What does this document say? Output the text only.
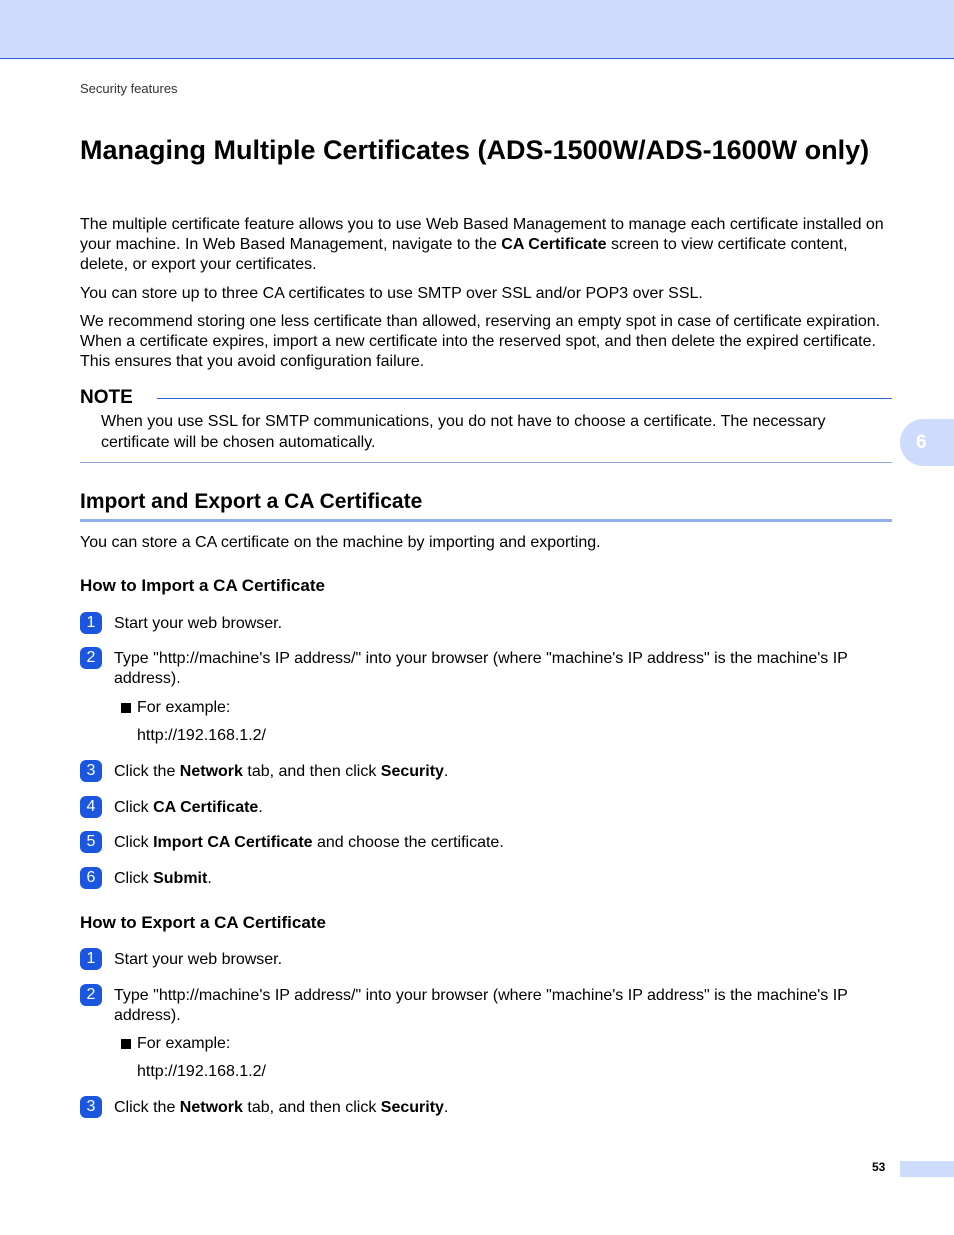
Security features
6
Managing Multiple Certificates (ADS-1500W/ADS-1600W only)

The multiple certificate feature allows you to use Web Based Management to manage each certificate installed on your machine. In Web Based Management, navigate to the CA Certificate screen to view certificate content, delete, or export your certificates.

You can store up to three CA certificates to use SMTP over SSL and/or POP3 over SSL.

We recommend storing one less certificate than allowed, reserving an empty spot in case of certificate expiration. When a certificate expires, import a new certificate into the reserved spot, and then delete the expired certificate. This ensures that you avoid configuration failure.

NOTE
When you use SSL for SMTP communications, you do not have to choose a certificate. The necessary certificate will be chosen automatically.
Import and Export a CA Certificate

You can store a CA certificate on the machine by importing and exporting.

How to Import a CA Certificate
1	Start your web browser.
2	Type "http://machine's IP address/" into your browser (where "machine's IP address" is the machine's IP address).
For example:
http://192.168.1.2/
3	Click the Network tab, and then click Security.
4	Click CA Certificate.
5	Click Import CA Certificate and choose the certificate.
6	Click Submit.
How to Export a CA Certificate
1	Start your web browser.
2	Type "http://machine's IP address/" into your browser (where "machine's IP address" is the machine's IP address).
For example:
http://192.168.1.2/
3	Click the Network tab, and then click Security.
53
